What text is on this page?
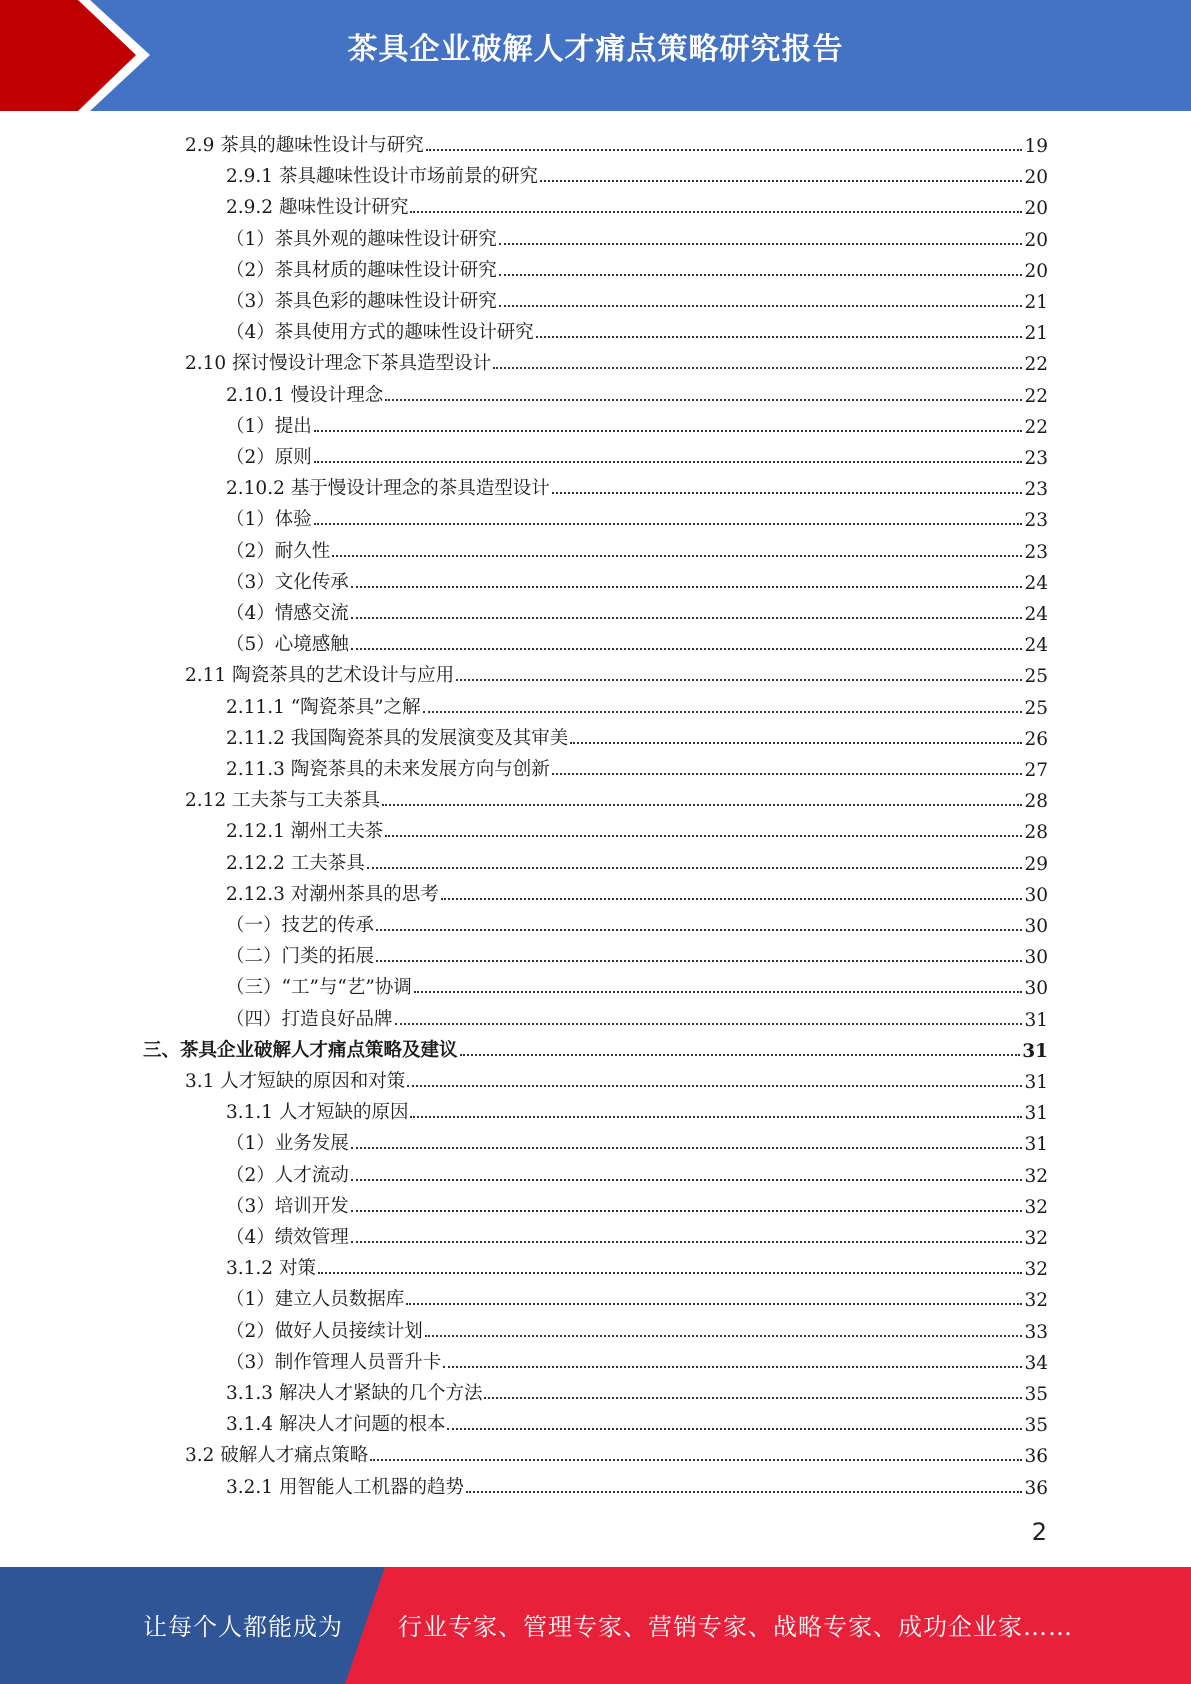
茶具企业破解人才痛点策略研究报告
2.9 茶具的趣味性设计与研究	19
2.9.1 茶具趣味性设计市场前景的研究	20
2.9.2 趣味性设计研究	20
（1）茶具外观的趣味性设计研究	20
（2）茶具材质的趣味性设计研究	20
（3）茶具色彩的趣味性设计研究	21
（4）茶具使用方式的趣味性设计研究	21
2.10 探讨慢设计理念下茶具造型设计	22
2.10.1 慢设计理念	22
（1）提出	22
（2）原则	23
2.10.2 基于慢设计理念的茶具造型设计	23
（1）体验	23
（2）耐久性	23
（3）文化传承	24
（4）情感交流	24
（5）心境感触	24
2.11 陶瓷茶具的艺术设计与应用	25
2.11.1 “陶瓷茶具”之解	25
2.11.2 我国陶瓷茶具的发展演变及其审美	26
2.11.3 陶瓷茶具的未来发展方向与创新	27
2.12 工夫茶与工夫茶具	28
2.12.1 潮州工夫茶	28
2.12.2 工夫茶具	29
2.12.3 对潮州茶具的思考	30
（一）技艺的传承	30
（二）门类的拓展	30
（三）“工”与“艺”协调	30
（四）打造良好品牌	31
三、茶具企业破解人才痛点策略及建议	31
3.1 人才短缺的原因和对策	31
3.1.1 人才短缺的原因	31
（1）业务发展	31
（2）人才流动	32
（3）培训开发	32
（4）绩效管理	32
3.1.2 对策	32
（1）建立人员数据库	32
（2）做好人员接续计划	33
（3）制作管理人员晋升卡	34
3.1.3 解决人才紧缺的几个方法	35
3.1.4 解决人才问题的根本	35
3.2 破解人才痛点策略	36
3.2.1 用智能人工机器的趋势	36
2
让每个人都能成为 行业专家、管理专家、营销专家、战略专家、成功企业家……
